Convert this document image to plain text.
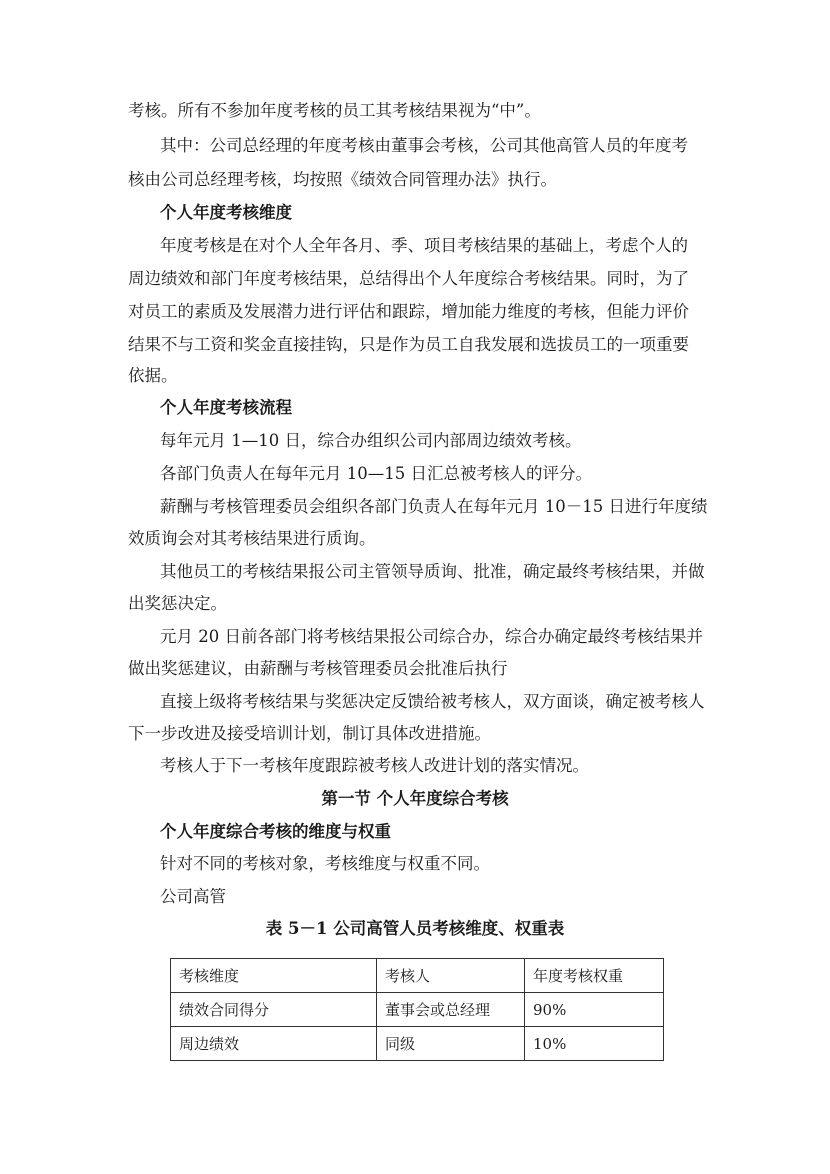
考核。所有不参加年度考核的员工其考核结果视为“中”。
其中：公司总经理的年度考核由董事会考核，公司其他高管人员的年度考
核由公司总经理考核，均按照《绩效合同管理办法》执行。
个人年度考核维度
年度考核是在对个人全年各月、季、项目考核结果的基础上，考虑个人的
周边绩效和部门年度考核结果，总结得出个人年度综合考核结果。同时，为了
对员工的素质及发展潜力进行评估和跟踪，增加能力维度的考核，但能力评价
结果不与工资和奖金直接挂钩，只是作为员工自我发展和选拔员工的一项重要
依据。
个人年度考核流程
每年元月 1—10 日，综合办组织公司内部周边绩效考核。
各部门负责人在每年元月 10—15 日汇总被考核人的评分。
薪酬与考核管理委员会组织各部门负责人在每年元月 10－15 日进行年度绩
效质询会对其考核结果进行质询。
其他员工的考核结果报公司主管领导质询、批准，确定最终考核结果，并做
出奖惩决定。
元月 20 日前各部门将考核结果报公司综合办，综合办确定最终考核结果并
做出奖惩建议，由薪酬与考核管理委员会批准后执行
直接上级将考核结果与奖惩决定反馈给被考核人，双方面谈，确定被考核人
下一步改进及接受培训计划，制订具体改进措施。
考核人于下一考核年度跟踪被考核人改进计划的落实情况。
第一节 个人年度综合考核
个人年度综合考核的维度与权重
针对不同的考核对象，考核维度与权重不同。
公司高管
表 5－1 公司高管人员考核维度、权重表
考核维度	考核人	年度考核权重
绩效合同得分	董事会或总经理	90%
周边绩效	同级	10%
